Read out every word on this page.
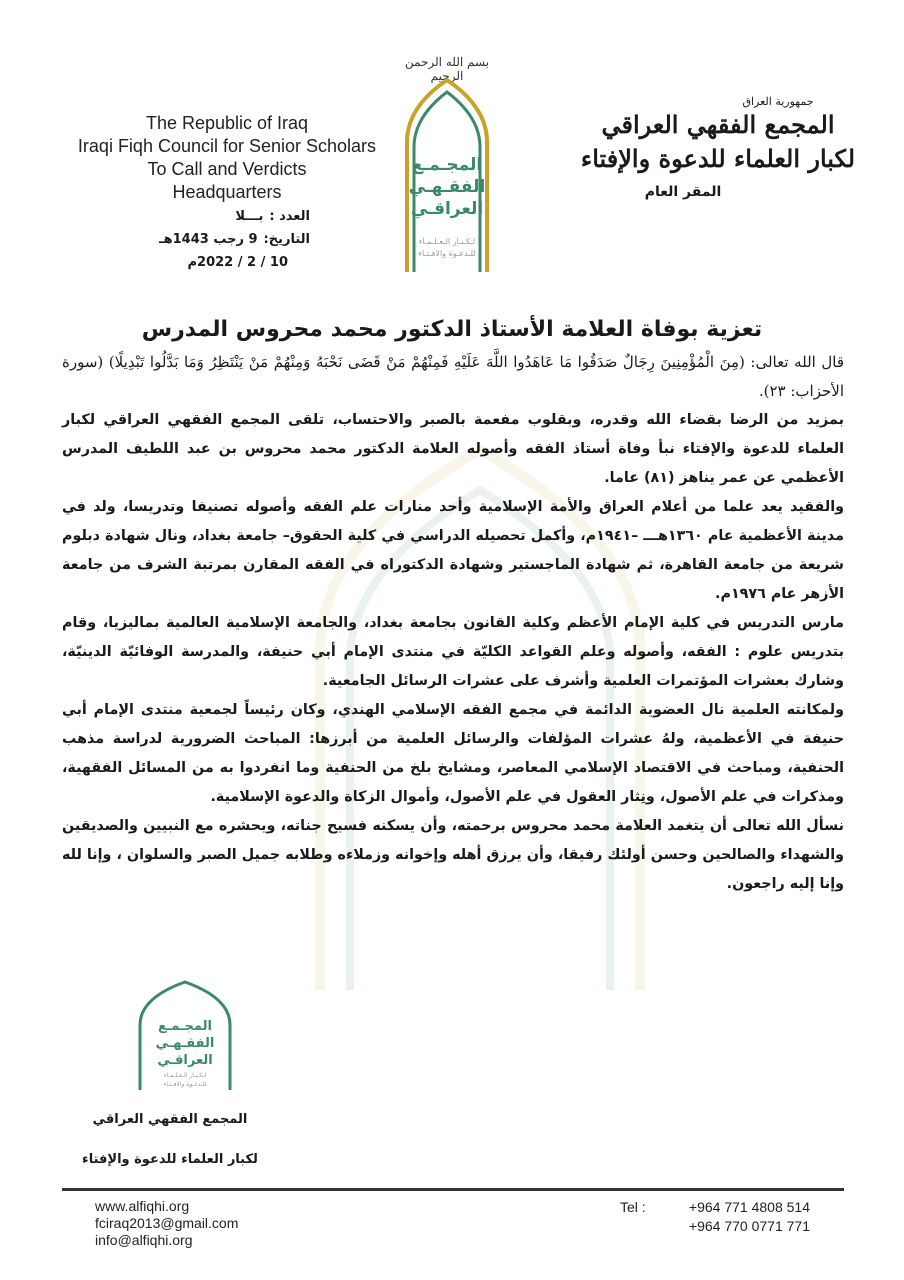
The Republic of Iraq
Iraqi Fiqh Council for Senior Scholars
To Call and Verdicts
Headquarters
العدد :
بـــلا
التاريخ:
9 رجب 1443هـ
10 / 2 / 2022م
بسم الله الرحمن الرحيم
المجـمـع
الفقـهـي
العراقـي
لـكـبـار الـعـلـمـاء
للـدعـوة والافـتـاء
جمهورية العراق
المجمع الفقهي العراقي
لكبار العلماء للدعوة والإفتاء
المقر العام
تعزية بوفاة العلامة الأستاذ الدكتور محمد محروس المدرس

قال الله تعالى: (مِنَ الْمُؤْمِنِينَ رِجَالٌ صَدَقُوا مَا عَاهَدُوا اللَّهَ عَلَيْهِ فَمِنْهُمْ مَنْ قَضَى نَحْبَهُ وَمِنْهُمْ مَنْ يَنْتَظِرُ وَمَا بَدَّلُوا تَبْدِيلًا) (سورة الأحزاب: ٢٣).

بمزيد من الرضا بقضاء الله وقدره، وبقلوب مفعمة بالصبر والاحتساب، تلقى المجمع الفقهي العراقي لكبار العلماء للدعوة والإفتاء نبأ وفاة أستاذ الفقه وأصوله العلامة الدكتور محمد محروس بن عبد اللطيف المدرس الأعظمي عن عمر يناهز (٨١) عاما.

والفقيد يعد علما من أعلام العراق والأمة الإسلامية وأحد منارات علم الفقه وأصوله تصنيفا وتدريسا، ولد في مدينة الأعظمية عام ١٣٦٠هـــ –١٩٤١م، وأكمل تحصيله الدراسي في كلية الحقوق– جامعة بغداد، ونال شهادة دبلوم شريعة من جامعة القاهرة، ثم شهادة الماجستير وشهادة الدكتوراه في الفقه المقارن بمرتبة الشرف من جامعة الأزهر عام ١٩٧٦م.

مارس التدريس في كلية الإمام الأعظم وكلية القانون بجامعة بغداد، والجامعة الإسلامية العالمية بماليزيا، وقام بتدريس علوم : الفقه، وأصوله وعلم القواعد الكليّة في منتدى الإمام أبي حنيفة، والمدرسة الوفائيّة الدينيّة، وشارك بعشرات المؤتمرات العلمية وأشرف على عشرات الرسائل الجامعية.

ولمكانته العلمية نال العضوية الدائمة في مجمع الفقه الإسلامي الهندي، وكان رئيساً لجمعية منتدى الإمام أبي حنيفة في الأعظمية، ولهُ عشرات المؤلفات والرسائل العلمية من أبرزها: المباحث الضرورية لدراسة مذهب الحنفية، ومباحث في الاقتصاد الإسلامي المعاصر، ومشايخ بلخ من الحنفية وما انفردوا به من المسائل الفقهية، ومذكرات في علم الأصول، ونِثار العقول في علم الأصول، وأموال الزكاة والدعوة الإسلامية.

نسأل الله تعالى أن يتغمد العلامة محمد محروس برحمته، وأن يسكنه فسيح جناته، ويحشره مع النبيين والصديقين والشهداء والصالحين وحسن أولئك رفيقا، وأن يرزق أهله وإخوانه وزملاءه وطلابه جميل الصبر والسلوان ، وإنا لله وإنا إليه راجعون.

المجـمـع
الفقـهـي
العراقـي
لـكـبـار الـعـلـمـاء
للـدعـوة والافـتـاء
المجمع الفقهي العراقي
لكبار العلماء للدعوة والإفتاء
www.alfiqhi.org
fciraq2013@gmail.com
info@alfiqhi.org
Tel :	+964 771 4808 514
+964 770 0771 771
